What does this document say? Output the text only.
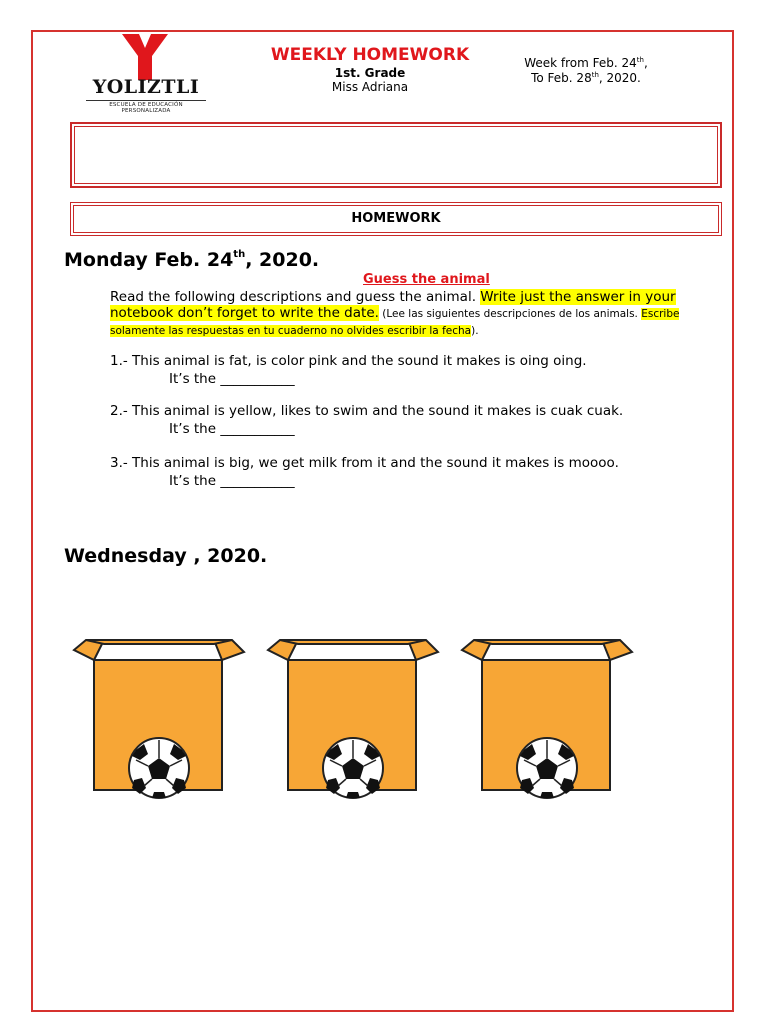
YOLIZTLI
ESCUELA DE EDUCACIÓN PERSONALIZADA
WEEKLY HOMEWORK
1st. Grade
Miss Adriana
Week from Feb. 24th,
To Feb. 28th, 2020.
HOMEWORK
Monday Feb. 24th, 2020.
Guess the animal
Read the following descriptions and guess the animal. Write just the answer in your notebook don’t forget to write the date. (Lee las siguientes descripciones de los animals. Escribe solamente las respuestas en tu cuaderno no olvides escribir la fecha).
1.- This animal is fat, is color pink and the sound it makes is oing oing.
It’s the ___________
2.- This animal is yellow, likes to swim and the sound it makes is cuak cuak.
It’s the ___________
3.- This animal is big, we get milk from it and the sound it makes is moooo.
It’s the ___________
Wednesday , 2020.
